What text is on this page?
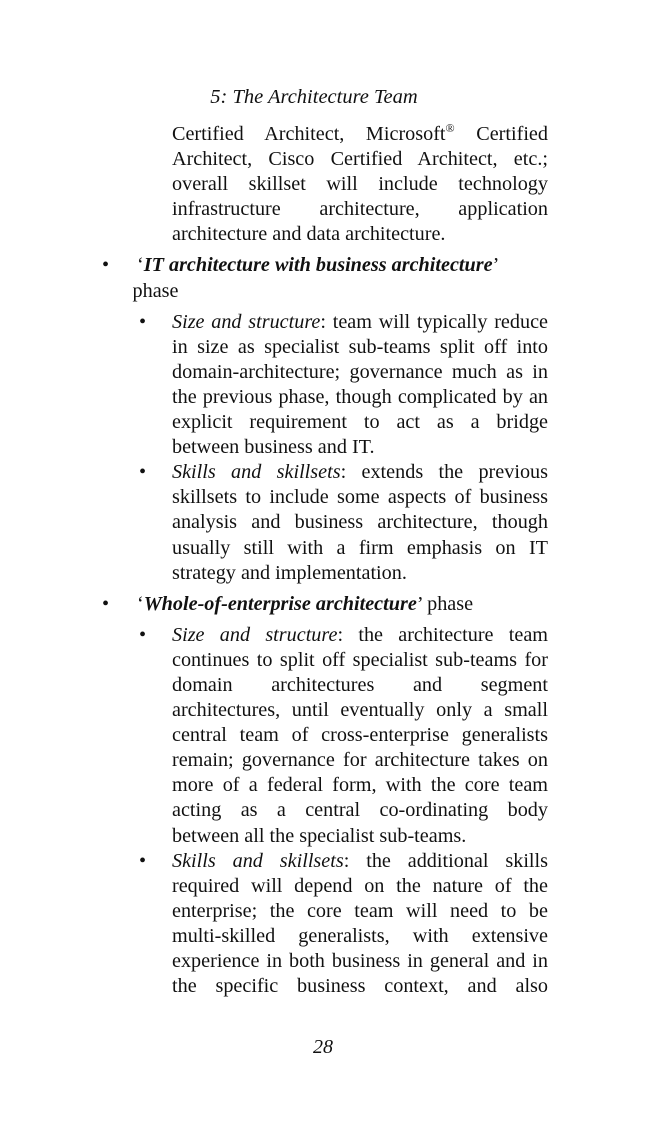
5: The Architecture Team
Certified Architect, Microsoft® Certified Architect, Cisco Certified Architect, etc.; overall skillset will include technology infrastructure architecture, application architecture and data architecture.
• ‘IT architecture with business architecture’
phase
• Size and structure: team will typically reduce in size as specialist sub-teams split off into domain-architecture; governance much as in the previous phase, though complicated by an explicit requirement to act as a bridge between business and IT.
• Skills and skillsets: extends the previous skillsets to include some aspects of business analysis and business architecture, though usually still with a firm emphasis on IT strategy and implementation.
• ‘Whole-of-enterprise architecture’ phase
• Size and structure: the architecture team continues to split off specialist sub-teams for domain architectures and segment architectures, until eventually only a small central team of cross-enterprise generalists remain; governance for architecture takes on more of a federal form, with the core team acting as a central co-ordinating body between all the specialist sub-teams.
• Skills and skillsets: the additional skills required will depend on the nature of the enterprise; the core team will need to be multi-skilled generalists, with extensive experience in both business in general and in the specific business context, and also
28
